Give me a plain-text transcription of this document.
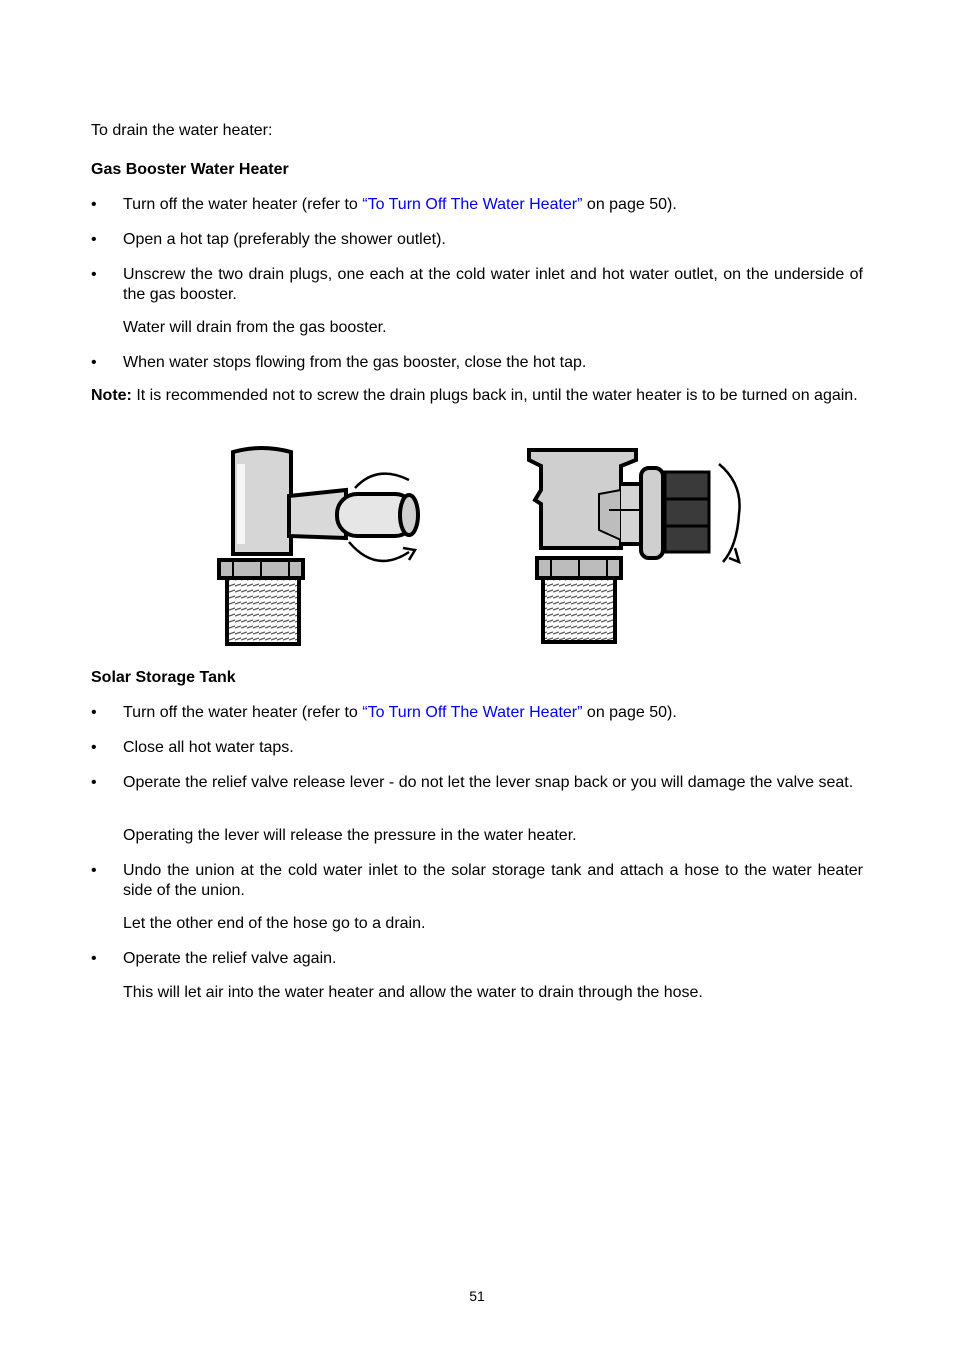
To drain the water heater:

Gas Booster Water Heater

• Turn off the water heater (refer to “To Turn Off The Water Heater” on page 50).

• Open a hot tap (preferably the shower outlet).

• Unscrew the two drain plugs, one each at the cold water inlet and hot water outlet, on the underside of the gas booster.

Water will drain from the gas booster.

• When water stops flowing from the gas booster, close the hot tap.

Note: It is recommended not to screw the drain plugs back in, until the water heater is to be turned on again.

Solar Storage Tank

• Turn off the water heater (refer to “To Turn Off The Water Heater” on page 50).

• Close all hot water taps.

• Operate the relief valve release lever - do not let the lever snap back or you will damage the valve seat.

Operating the lever will release the pressure in the water heater.

• Undo the union at the cold water inlet to the solar storage tank and attach a hose to the water heater side of the union.

Let the other end of the hose go to a drain.

• Operate the relief valve again.

This will let air into the water heater and allow the water to drain through the hose.

51
